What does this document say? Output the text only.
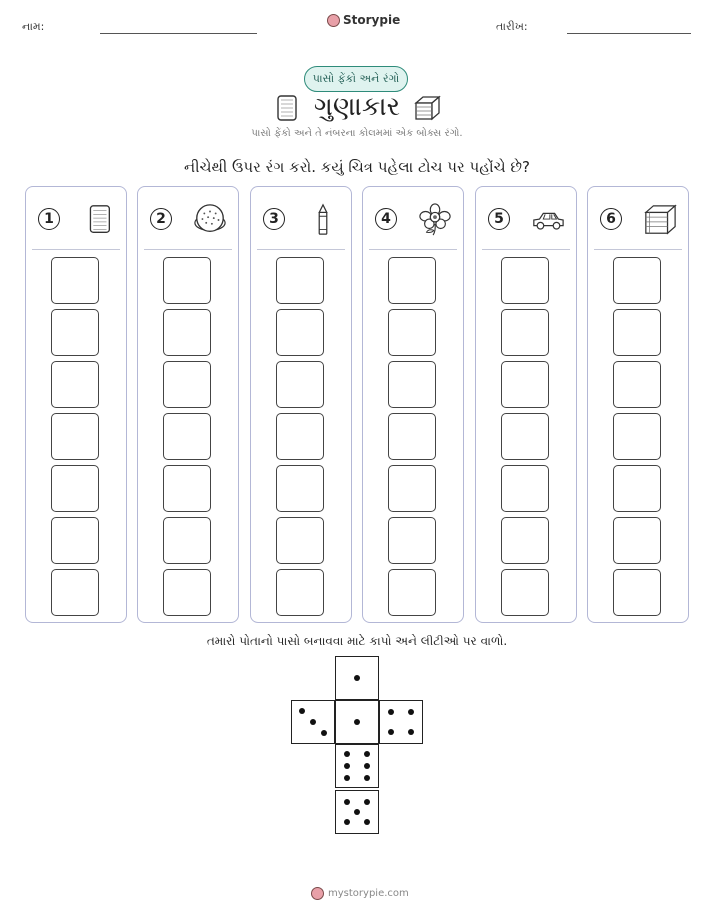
નામ:	Storypie	તારીખ:
પાસો ફેંકો અને રંગો
ગુણાકાર
પાસો ફેંકો અને તે નંબરના કોલમમાં એક બોક્સ રંગો.
નીચેથી ઉપર રંગ કરો. કયું ચિત્ર પહેલા ટોચ પર પહોંચે છે?
1	2	3	4	5	6
તમારો પોતાનો પાસો બનાવવા માટે કાપો અને લીટીઓ પર વાળો.
mystorypie.com
